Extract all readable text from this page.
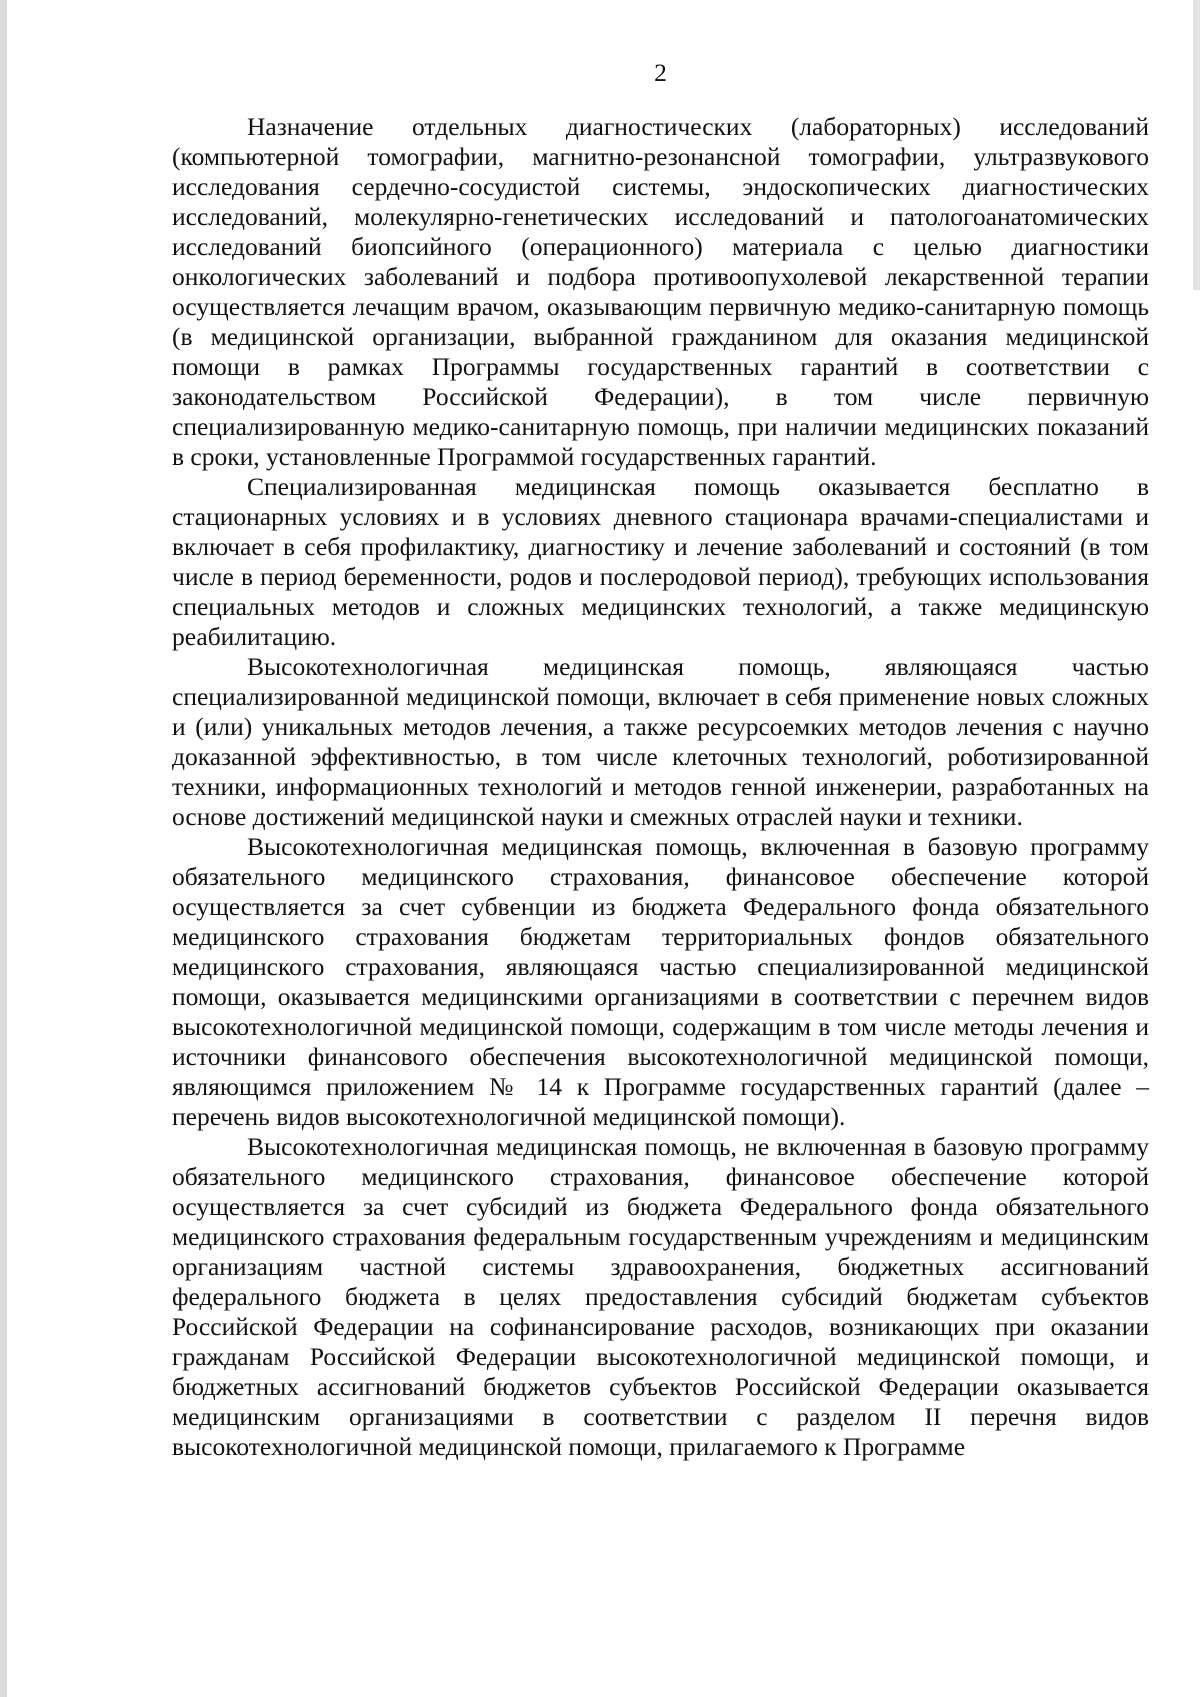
2

Назначение отдельных диагностических (лабораторных) исследований (компьютерной томографии, магнитно-резонансной томографии, ультразвукового исследования сердечно-сосудистой системы, эндоскопических диагностических исследований, молекулярно-генетических исследований и патологоанатомических исследований биопсийного (операционного) материала с целью диагностики онкологических заболеваний и подбора противоопухолевой лекарственной терапии осуществляется лечащим врачом, оказывающим первичную медико-санитарную помощь (в медицинской организации, выбранной гражданином для оказания медицинской помощи в рамках Программы государственных гарантий в соответствии с законодательством Российской Федерации), в том числе первичную специализированную медико-санитарную помощь, при наличии медицинских показаний в сроки, установленные Программой государственных гарантий.

Специализированная медицинская помощь оказывается бесплатно в стационарных условиях и в условиях дневного стационара врачами-специалистами и включает в себя профилактику, диагностику и лечение заболеваний и состояний (в том числе в период беременности, родов и послеродовой период), требующих использования специальных методов и сложных медицинских технологий, а также медицинскую реабилитацию.

Высокотехнологичная медицинская помощь, являющаяся частью специализированной медицинской помощи, включает в себя применение новых сложных и (или) уникальных методов лечения, а также ресурсоемких методов лечения с научно доказанной эффективностью, в том числе клеточных технологий, роботизированной техники, информационных технологий и методов генной инженерии, разработанных на основе достижений медицинской науки и смежных отраслей науки и техники.

Высокотехнологичная медицинская помощь, включенная в базовую программу обязательного медицинского страхования, финансовое обеспечение которой осуществляется за счет субвенции из бюджета Федерального фонда обязательного медицинского страхования бюджетам территориальных фондов обязательного медицинского страхования, являющаяся частью специализированной медицинской помощи, оказывается медицинскими организациями в соответствии с перечнем видов высокотехнологичной медицинской помощи, содержащим в том числе методы лечения и источники финансового обеспечения высокотехнологичной медицинской помощи, являющимся приложением № 14 к Программе государственных гарантий (далее – перечень видов высокотехнологичной медицинской помощи).

Высокотехнологичная медицинская помощь, не включенная в базовую программу обязательного медицинского страхования, финансовое обеспечение которой осуществляется за счет субсидий из бюджета Федерального фонда обязательного медицинского страхования федеральным государственным учреждениям и медицинским организациям частной системы здравоохранения, бюджетных ассигнований федерального бюджета в целях предоставления субсидий бюджетам субъектов Российской Федерации на софинансирование расходов, возникающих при оказании гражданам Российской Федерации высокотехнологичной медицинской помощи, и бюджетных ассигнований бюджетов субъектов Российской Федерации оказывается медицинским организациями в соответствии с разделом II перечня видов высокотехнологичной медицинской помощи, прилагаемого к Программе
